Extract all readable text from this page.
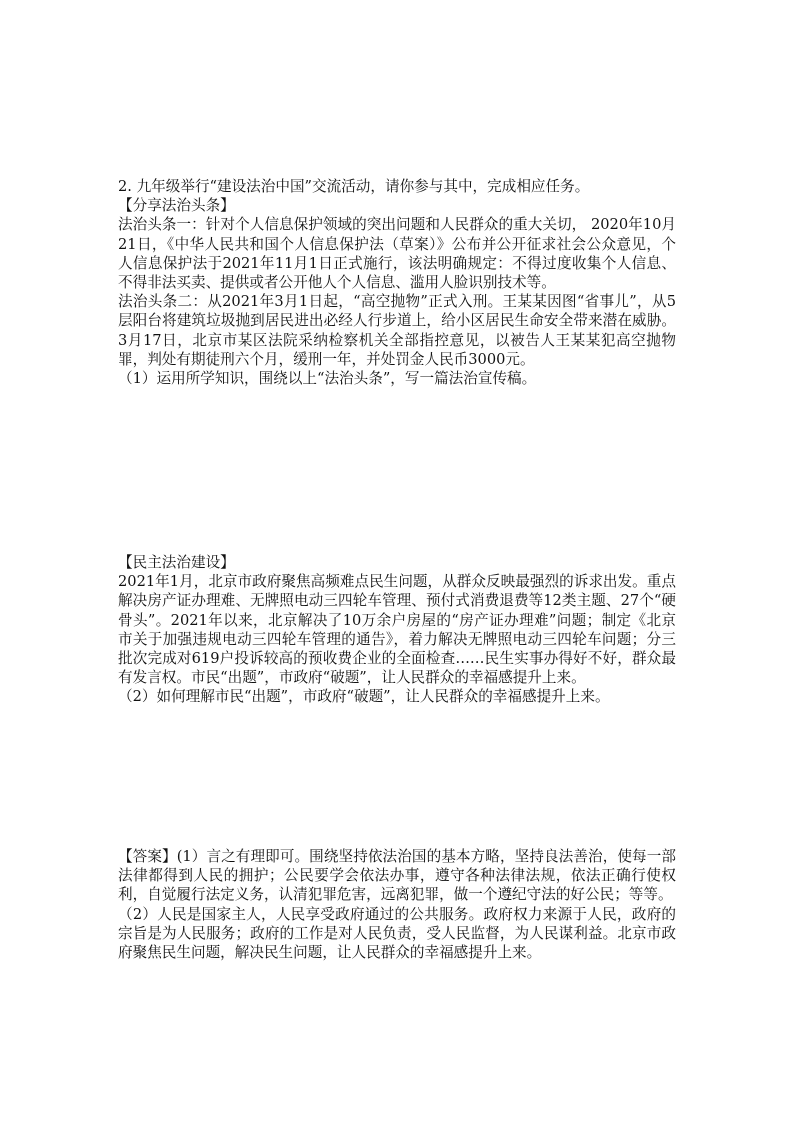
2. 九年级举行“建设法治中国”交流活动，请你参与其中，完成相应任务。

【分享法治头条】

法治头条一：针对个人信息保护领域的突出问题和人民群众的重大关切， 2020年10月21日，《中华人民共和国个人信息保护法（草案）》公布并公开征求社会公众意见，个人信息保护法于2021年11月1日正式施行，该法明确规定：不得过度收集个人信息、不得非法买卖、提供或者公开他人个人信息、滥用人脸识别技术等。

法治头条二：从2021年3月1日起，“高空抛物”正式入刑。王某某因图“省事儿”，从5层阳台将建筑垃圾抛到居民进出必经人行步道上，给小区居民生命安全带来潜在威胁。3月17日，北京市某区法院采纳检察机关全部指控意见，以被告人王某某犯高空抛物罪，判处有期徒刑六个月，缓刑一年，并处罚金人民币3000元。

（1）运用所学知识，围绕以上“法治头条”，写一篇法治宣传稿。

【民主法治建设】

2021年1月，北京市政府聚焦高频难点民生问题，从群众反映最强烈的诉求出发。重点解决房产证办理难、无牌照电动三四轮车管理、预付式消费退费等12类主题、27个“硬骨头”。2021年以来，北京解决了10万余户房屋的“房产证办理难”问题；制定《北京市关于加强违规电动三四轮车管理的通告》，着力解决无牌照电动三四轮车问题；分三批次完成对619户投诉较高的预收费企业的全面检查……民生实事办得好不好，群众最有发言权。市民“出题”，市政府“破题”，让人民群众的幸福感提升上来。

（2）如何理解市民“出题”，市政府“破题”，让人民群众的幸福感提升上来。

【答案】(1）言之有理即可。围绕坚持依法治国的基本方略，坚持良法善治，使每一部法律都得到人民的拥护；公民要学会依法办事，遵守各种法律法规，依法正确行使权利，自觉履行法定义务，认清犯罪危害，远离犯罪，做一个遵纪守法的好公民；等等。

（2）人民是国家主人，人民享受政府通过的公共服务。政府权力来源于人民，政府的宗旨是为人民服务；政府的工作是对人民负责，受人民监督，为人民谋利益。北京市政府聚焦民生问题，解决民生问题，让人民群众的幸福感提升上来。
